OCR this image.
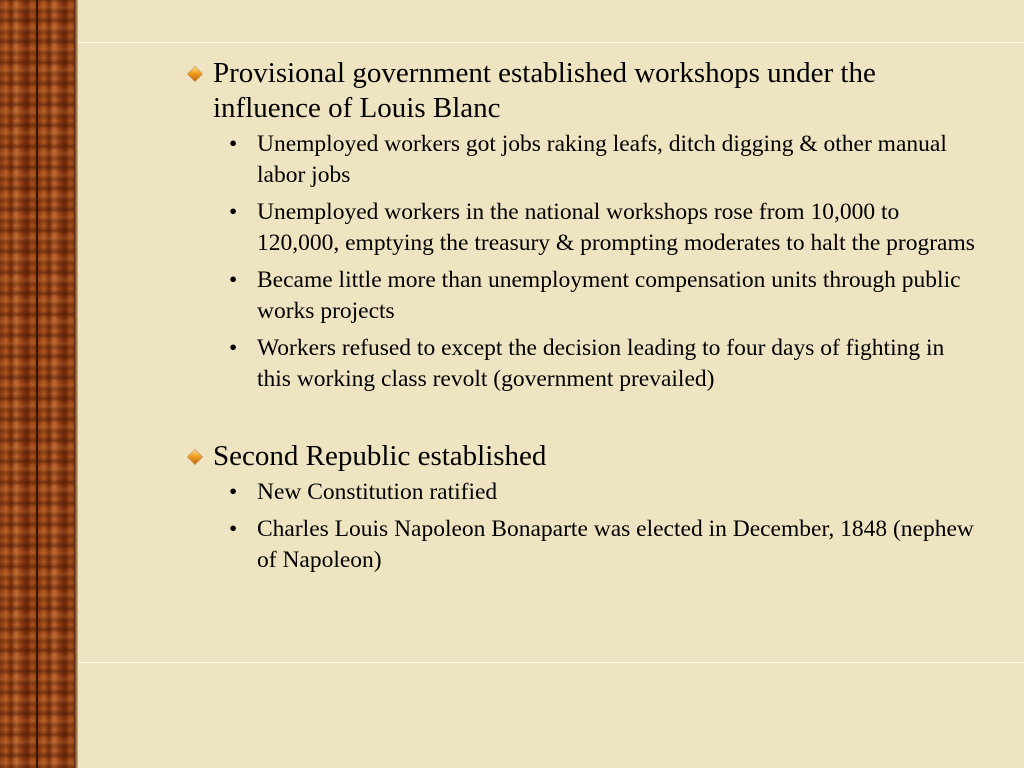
Provisional government established workshops under the influence of Louis Blanc
• Unemployed workers got jobs raking leafs, ditch digging & other manual labor jobs
• Unemployed workers in the national workshops rose from 10,000 to 120,000, emptying the treasury & prompting moderates to halt the programs
• Became little more than unemployment compensation units through public works projects
• Workers refused to except the decision leading to four days of fighting in this working class revolt (government prevailed)
Second Republic established
• New Constitution ratified
• Charles Louis Napoleon Bonaparte was elected in December, 1848 (nephew of Napoleon)
